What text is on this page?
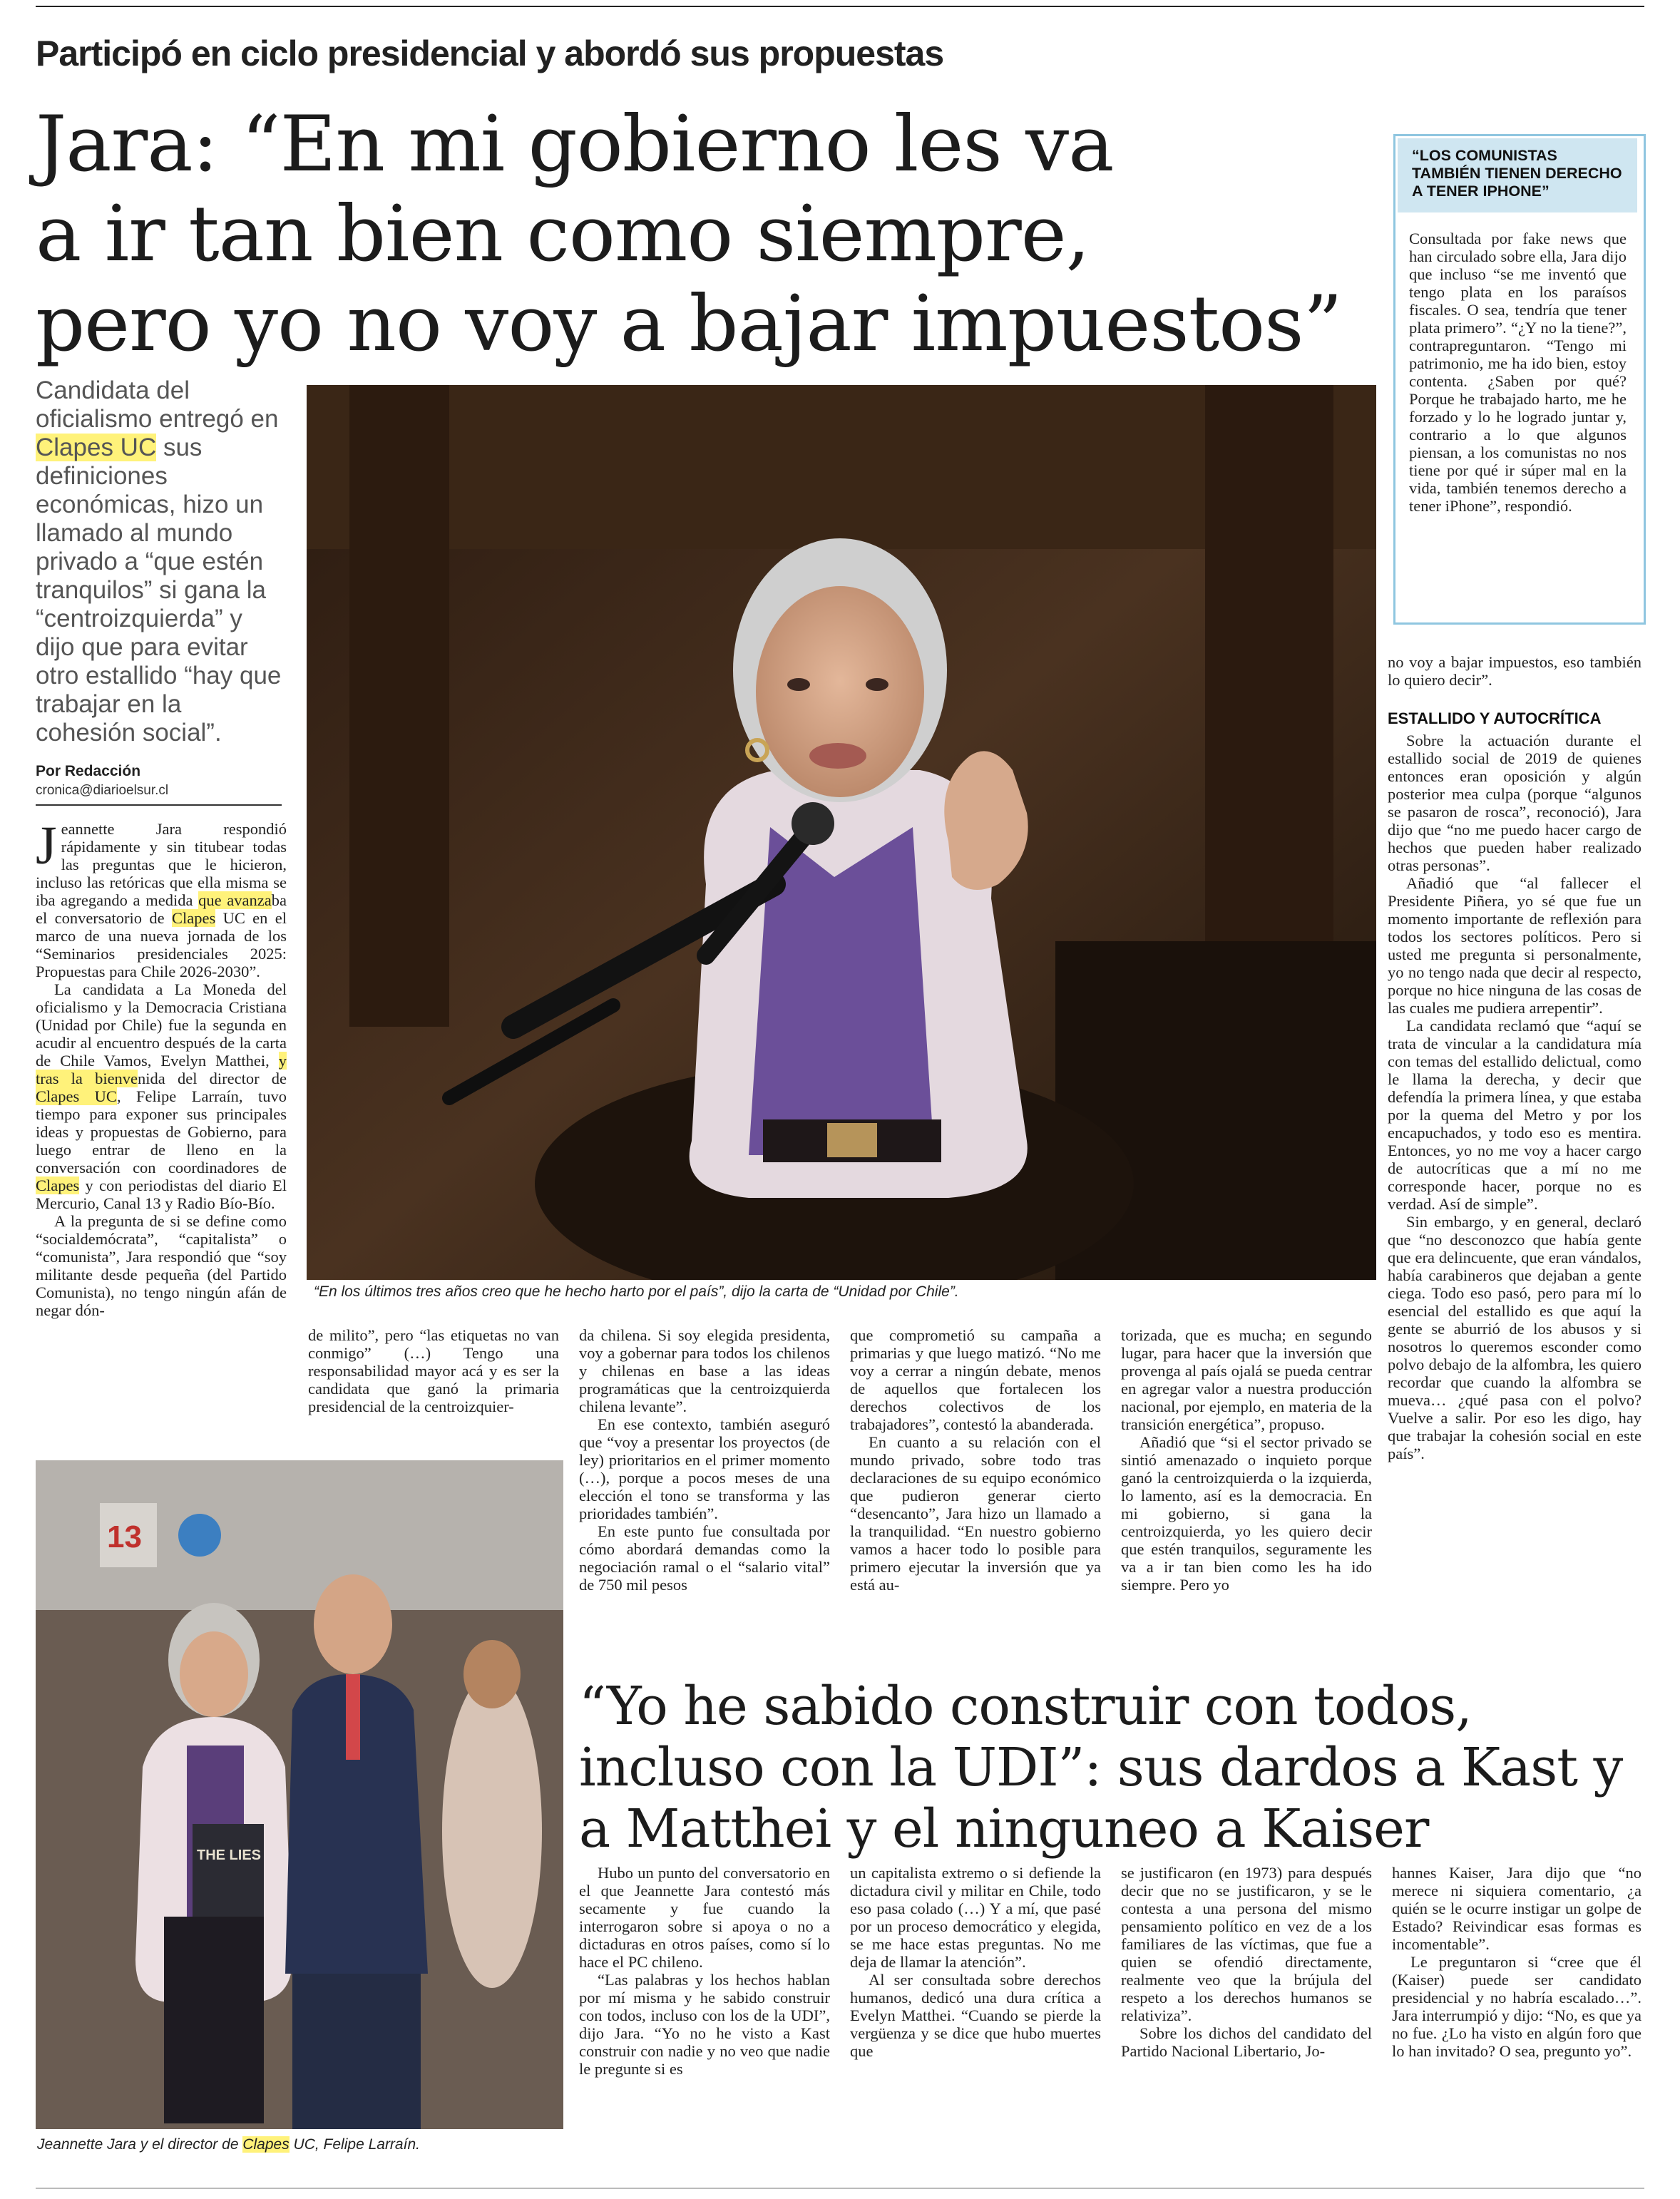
Participó en ciclo presidencial y abordó sus propuestas
Jara: “En mi gobierno les va
a ir tan bien como siempre,
pero yo no voy a bajar impuestos”
Candidata del oficialismo entregó en Clapes UC sus definiciones económicas, hizo un llamado al mundo privado a “que estén tranquilos” si gana la “centroizquierda” y dijo que para evitar otro estallido “hay que trabajar en la cohesión social”.
Por Redacción
cronica@diarioelsur.cl

Jeannette Jara respondió rápidamente y sin titubear todas las preguntas que le hicieron, incluso las retóricas que ella misma se iba agregando a medida que avanzaba el conversatorio de Clapes UC en el marco de una nueva jornada de los “Seminarios presidenciales 2025: Propuestas para Chile 2026-2030”.

La candidata a La Moneda del oficialismo y la Democracia Cristiana (Unidad por Chile) fue la segunda en acudir al encuentro después de la carta de Chile Vamos, Evelyn Matthei, y tras la bienvenida del director de Clapes UC, Felipe Larraín, tuvo tiempo para exponer sus principales ideas y propuestas de Gobierno, para luego entrar de lleno en la conversación con coordinadores de Clapes y con periodistas del diario El Mercurio, Canal 13 y Radio Bío-Bío.

A la pregunta de si se define como “socialdemócrata”, “capitalista” o “comunista”, Jara respondió que “soy militante desde pequeña (del Partido Comunista), no tengo ningún afán de negar dón-

“En los últimos tres años creo que he hecho harto por el país”, dijo la carta de “Unidad por Chile”.
“LOS COMUNISTAS TAMBIÉN TIENEN DERECHO A TENER IPHONE”

Consultada por fake news que han circulado sobre ella, Jara dijo que incluso “se me inventó que tengo plata en los paraísos fiscales. O sea, tendría que tener plata primero”. “¿Y no la tiene?”, contrapreguntaron. “Tengo mi patrimonio, me ha ido bien, estoy contenta. ¿Saben por qué? Porque he trabajado harto, me he forzado y lo he logrado juntar y, contrario a lo que algunos piensan, a los comunistas no nos tiene por qué ir súper mal en la vida, también tenemos derecho a tener iPhone”, respondió.

no voy a bajar impuestos, eso también lo quiero decir”.

ESTALLIDO Y AUTOCRÍTICA

Sobre la actuación durante el estallido social de 2019 de quienes entonces eran oposición y algún posterior mea culpa (porque “algunos se pasaron de rosca”, reconoció), Jara dijo que “no me puedo hacer cargo de hechos que pueden haber realizado otras personas”.

Añadió que “al fallecer el Presidente Piñera, yo sé que fue un momento importante de reflexión para todos los sectores políticos. Pero si usted me pregunta si personalmente, yo no tengo nada que decir al respecto, porque no hice ninguna de las cosas de las cuales me pudiera arrepentir”.

La candidata reclamó que “aquí se trata de vincular a la candidatura mía con temas del estallido delictual, como le llama la derecha, y decir que defendía la primera línea, y que estaba por la quema del Metro y por los encapuchados, y todo eso es mentira. Entonces, yo no me voy a hacer cargo de autocríticas que a mí no me corresponde hacer, porque no es verdad. Así de simple”.

Sin embargo, y en general, declaró que “no desconozco que había gente que era delincuente, que eran vándalos, había carabineros que dejaban a gente ciega. Todo eso pasó, pero para mí lo esencial del estallido es que aquí la gente se aburrió de los abusos y si nosotros lo queremos esconder como polvo debajo de la alfombra, les quiero recordar que cuando la alfombra se mueva… ¿qué pasa con el polvo? Vuelve a salir. Por eso les digo, hay que trabajar la cohesión social en este país”.

de milito”, pero “las etiquetas no van conmigo” (…) Tengo una responsabilidad mayor acá y es ser la candidata que ganó la primaria presidencial de la centroizquier-

da chilena. Si soy elegida presidenta, voy a gobernar para todos los chilenos y chilenas en base a las ideas programáticas que la centroizquierda chilena levante”.

En ese contexto, también aseguró que “voy a presentar los proyectos (de ley) prioritarios en el primer momento (…), porque a pocos meses de una elección el tono se transforma y las prioridades también”.

En este punto fue consultada por cómo abordará demandas como la negociación ramal o el “salario vital” de 750 mil pesos

que comprometió su campaña a primarias y que luego matizó. “No me voy a cerrar a ningún debate, menos de aquellos que fortalecen los derechos colectivos de los trabajadores”, contestó la abanderada.

En cuanto a su relación con el mundo privado, sobre todo tras declaraciones de su equipo económico que pudieron generar cierto “desencanto”, Jara hizo un llamado a la tranquilidad. “En nuestro gobierno vamos a hacer todo lo posible para primero ejecutar la inversión que ya está au-

torizada, que es mucha; en segundo lugar, para hacer que la inversión que provenga al país ojalá se pueda centrar en agregar valor a nuestra producción nacional, por ejemplo, en materia de la transición energética”, propuso.

Añadió que “si el sector privado se sintió amenazado o inquieto porque ganó la centroizquierda o la izquierda, lo lamento, así es la democracia. En mi gobierno, si gana la centroizquierda, yo les quiero decir que estén tranquilos, seguramente les va a ir tan bien como les ha ido siempre. Pero yo

13
THE LIES
Jeannette Jara y el director de Clapes UC, Felipe Larraín.
“Yo he sabido construir con todos,
incluso con la UDI”: sus dardos a Kast y
a Matthei y el ninguneo a Kaiser

Hubo un punto del conversatorio en el que Jeannette Jara contestó más secamente y fue cuando la interrogaron sobre si apoya o no a dictaduras en otros países, como sí lo hace el PC chileno.

“Las palabras y los hechos hablan por mí misma y he sabido construir con todos, incluso con los de la UDI”, dijo Jara. “Yo no he visto a Kast construir con nadie y no veo que nadie le pregunte si es

un capitalista extremo o si defiende la dictadura civil y militar en Chile, todo eso pasa colado (…) Y a mí, que pasé por un proceso democrático y elegida, se me hace estas preguntas. No me deja de llamar la atención”.

Al ser consultada sobre derechos humanos, dedicó una dura crítica a Evelyn Matthei. “Cuando se pierde la vergüenza y se dice que hubo muertes que

se justificaron (en 1973) para después decir que no se justificaron, y se le contesta a una persona del mismo pensamiento político en vez de a los familiares de las víctimas, que fue a quien se ofendió directamente, realmente veo que la brújula del respeto a los derechos humanos se relativiza”.

Sobre los dichos del candidato del Partido Nacional Libertario, Jo-

hannes Kaiser, Jara dijo que “no merece ni siquiera comentario, ¿a quién se le ocurre instigar un golpe de Estado? Reivindicar esas formas es incomentable”.

Le preguntaron si “cree que él (Kaiser) puede ser candidato presidencial y no habría escalado…”. Jara interrumpió y dijo: “No, es que ya no fue. ¿Lo ha visto en algún foro que lo han invitado? O sea, pregunto yo”.
